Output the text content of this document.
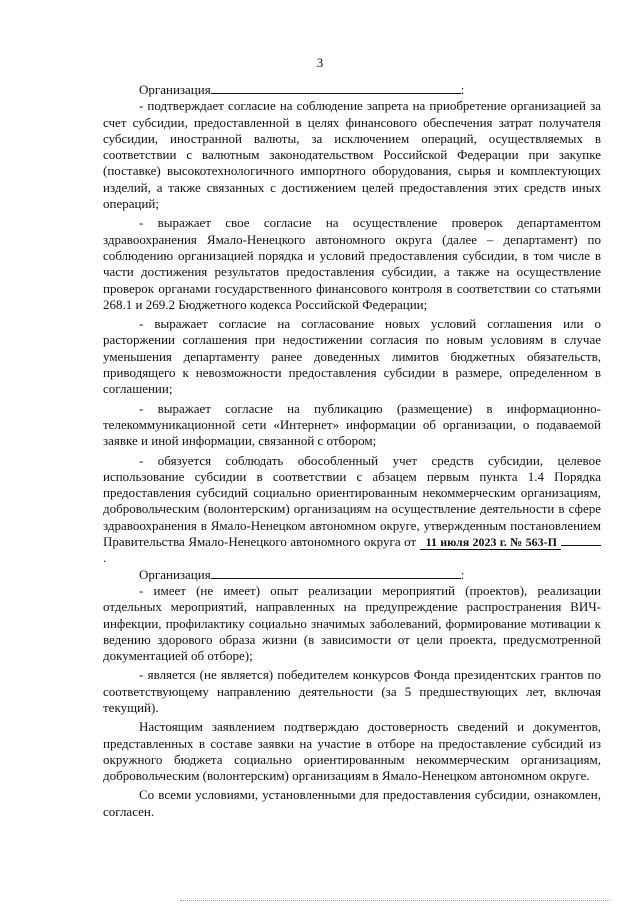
3

Организация	:

- подтверждает согласие на соблюдение запрета на приобретение организацией за счет субсидии, предоставленной в целях финансового обеспечения затрат получателя субсидии, иностранной валюты, за исключением операций, осуществляемых в соответствии с валютным законодательством Российской Федерации при закупке (поставке) высокотехнологичного импортного оборудования, сырья и комплектующих изделий, а также связанных с достижением целей предоставления этих средств иных операций;

- выражает свое согласие на осуществление проверок департаментом здравоохранения Ямало-Ненецкого автономного округа (далее – департамент) по соблюдению организацией порядка и условий предоставления субсидии, в том числе в части достижения результатов предоставления субсидии, а также на осуществление проверок органами государственного финансового контроля в соответствии со статьями 268.1 и 269.2 Бюджетного кодекса Российской Федерации;

- выражает согласие на согласование новых условий соглашения или о расторжении соглашения при недостижении согласия по новым условиям в случае уменьшения департаменту ранее доведенных лимитов бюджетных обязательств, приводящего к невозможности предоставления субсидии в размере, определенном в соглашении;

- выражает согласие на публикацию (размещение) в информационно-телекоммуникационной сети «Интернет» информации об организации, о подаваемой заявке и иной информации, связанной с отбором;

- обязуется соблюдать обособленный учет средств субсидии, целевое использование субсидии в соответствии с абзацем первым пункта 1.4 Порядка предоставления субсидий социально ориентированным некоммерческим организациям, добровольческим (волонтерским) организациям на осуществление деятельности в сфере здравоохранения в Ямало-Ненецком автономном округе, утвержденным постановлением Правительства Ямало-Ненецкого автономного округа от 11 июля 2023 г. № 563-П.

Организация	:

- имеет (не имеет) опыт реализации мероприятий (проектов), реализации отдельных мероприятий, направленных на предупреждение распространения ВИЧ-инфекции, профилактику социально значимых заболеваний, формирование мотивации к ведению здорового образа жизни (в зависимости от цели проекта, предусмотренной документацией об отборе);

- является (не является) победителем конкурсов Фонда президентских грантов по соответствующему направлению деятельности (за 5 предшествующих лет, включая текущий).

Настоящим заявлением подтверждаю достоверность сведений и документов, представленных в составе заявки на участие в отборе на предоставление субсидий из окружного бюджета социально ориентированным некоммерческим организациям, добровольческим (волонтерским) организациям в Ямало-Ненецком автономном округе.

Со всеми условиями, установленными для предоставления субсидии, ознакомлен, согласен.
